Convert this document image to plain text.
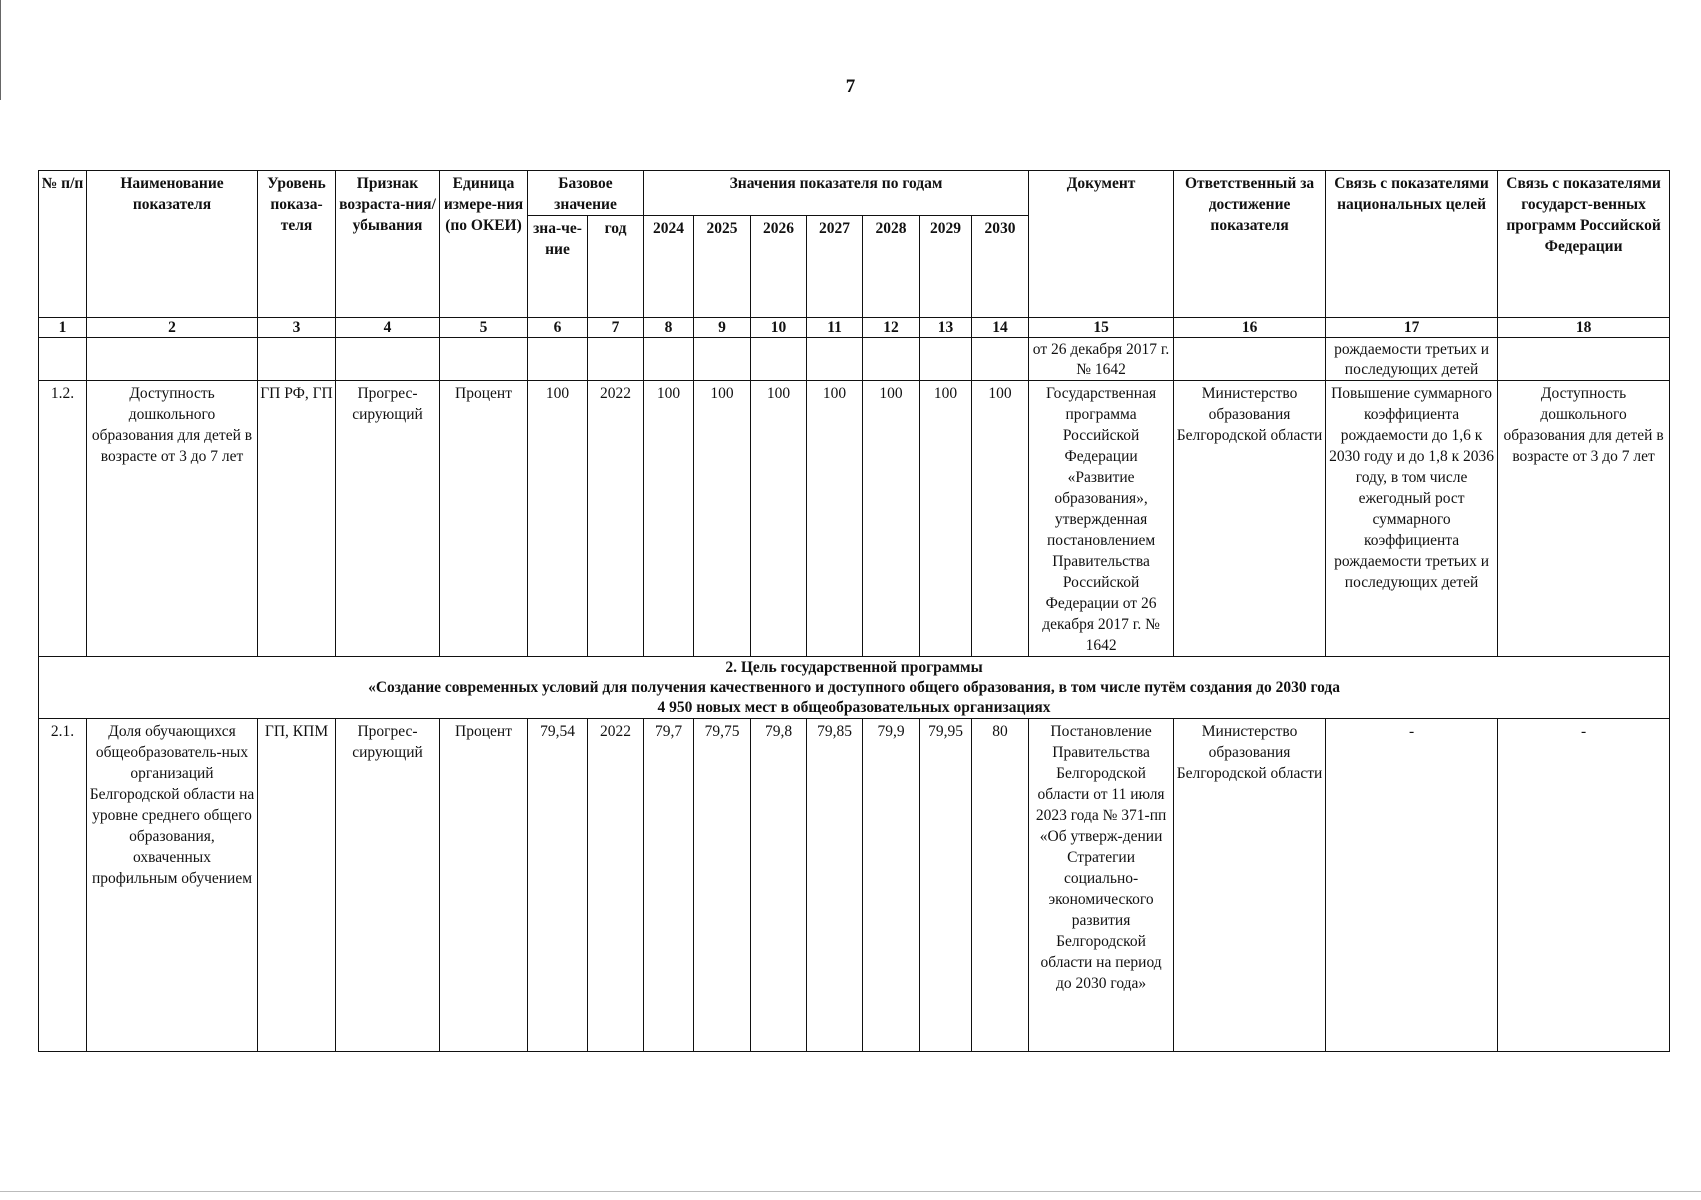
7
№ п/п	Наименование показателя	Уровень показа-теля	Признак возраста-ния/ убывания	Единица измере-ния (по ОКЕИ)	Базовое значение		Значения показателя по годам							Документ	Ответственный за достижение показателя	Связь с показателями национальных целей	Связь с показателями государст-венных программ Российской Федерации
					зна-че-ние	год	2024	2025	2026	2027	2028	2029	2030				
1	2	3	4	5	6	7	8	9	10	11	12	13	14	15	16	17	18
														от 26 декабря 2017 г. № 1642		рождаемости третьих и последующих детей	
1.2.	Доступность дошкольного образования для детей в возрасте от 3 до 7 лет	ГП РФ, ГП	Прогрес-сирующий	Процент	100	2022	100	100	100	100	100	100	100	Государственная программа Российской Федерации «Развитие образования», утвержденная постановлением Правительства Российской Федерации от 26 декабря 2017 г. № 1642	Министерство образования Белгородской области	Повышение суммарного коэффициента рождаемости до 1,6 к 2030 году и до 1,8 к 2036 году, в том числе ежегодный рост суммарного коэффициента рождаемости третьих и последующих детей	Доступность дошкольного образования для детей в возрасте от 3 до 7 лет

2. Цель государственной программы
«Создание современных условий для получения качественного и доступного общего образования, в том числе путём создания до 2030 года
4 950 новых мест в общеобразовательных организациях																	

2.1.	Доля обучающихся общеобразователь-ных организаций Белгородской области на уровне среднего общего образования, охваченных профильным обучением	ГП, КПМ	Прогрес-сирующий	Процент	79,54	2022	79,7	79,75	79,8	79,85	79,9	79,95	80	Постановление Правительства Белгородской области от 11 июля 2023 года № 371-пп «Об утверж-дении Стратегии социально-экономического развития Белгородской области на период до 2030 года»	Министерство образования Белгородской области	-	-
